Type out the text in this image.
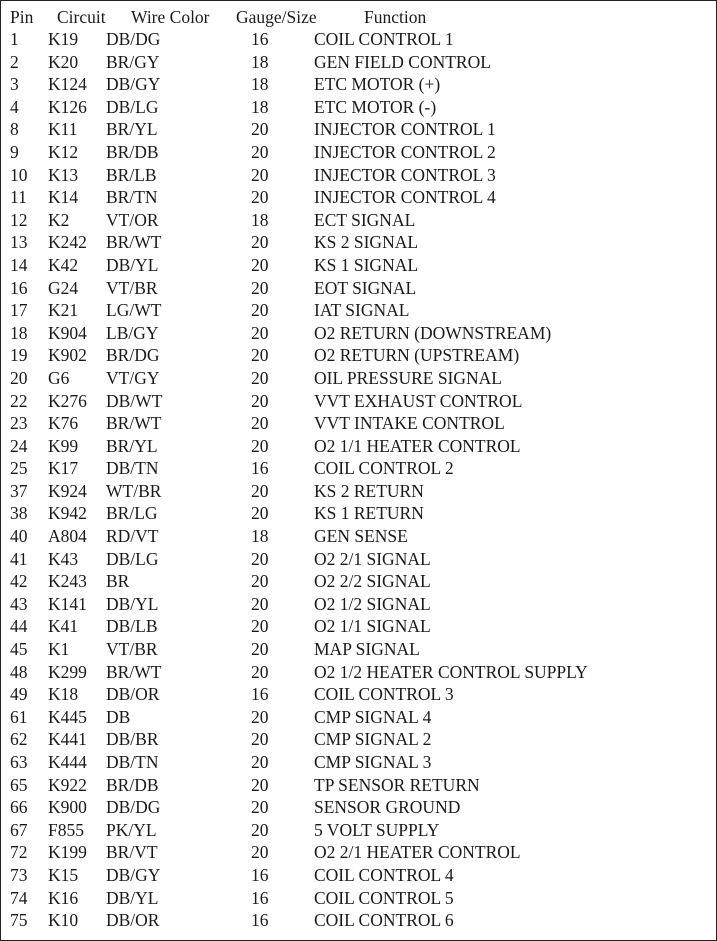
Pin Circuit Wire Color Gauge/Size	Function
1 K19 DB/DG	16	COIL CONTROL 1
2 K20 BR/GY	18	GEN FIELD CONTROL
3 K124 DB/GY	18	ETC MOTOR (+)
4 K126 DB/LG	18	ETC MOTOR (-)
8 K11 BR/YL	20	INJECTOR CONTROL 1
9 K12 BR/DB	20	INJECTOR CONTROL 2
10 K13 BR/LB	20	INJECTOR CONTROL 3
11 K14 BR/TN	20	INJECTOR CONTROL 4
12 K2 VT/OR	18	ECT SIGNAL
13 K242 BR/WT	20	KS 2 SIGNAL
14 K42 DB/YL	20	KS 1 SIGNAL
16 G24 VT/BR	20	EOT SIGNAL
17 K21 LG/WT	20	IAT SIGNAL
18 K904 LB/GY	20	O2 RETURN (DOWNSTREAM)
19 K902 BR/DG	20	O2 RETURN (UPSTREAM)
20 G6 VT/GY	20	OIL PRESSURE SIGNAL
22 K276 DB/WT	20	VVT EXHAUST CONTROL
23 K76 BR/WT	20	VVT INTAKE CONTROL
24 K99 BR/YL	20	O2 1/1 HEATER CONTROL
25 K17 DB/TN	16	COIL CONTROL 2
37 K924 WT/BR	20	KS 2 RETURN
38 K942 BR/LG	20	KS 1 RETURN
40 A804 RD/VT	18	GEN SENSE
41 K43 DB/LG	20	O2 2/1 SIGNAL
42 K243 BR	20	O2 2/2 SIGNAL
43 K141 DB/YL	20	O2 1/2 SIGNAL
44 K41 DB/LB	20	O2 1/1 SIGNAL
45 K1 VT/BR	20	MAP SIGNAL
48 K299 BR/WT	20	O2 1/2 HEATER CONTROL SUPPLY
49 K18 DB/OR	16	COIL CONTROL 3
61 K445 DB	20	CMP SIGNAL 4
62 K441 DB/BR	20	CMP SIGNAL 2
63 K444 DB/TN	20	CMP SIGNAL 3
65 K922 BR/DB	20	TP SENSOR RETURN
66 K900 DB/DG	20	SENSOR GROUND
67 F855 PK/YL	20	5 VOLT SUPPLY
72 K199 BR/VT	20	O2 2/1 HEATER CONTROL
73 K15 DB/GY	16	COIL CONTROL 4
74 K16 DB/YL	16	COIL CONTROL 5
75 K10 DB/OR	16	COIL CONTROL 6
